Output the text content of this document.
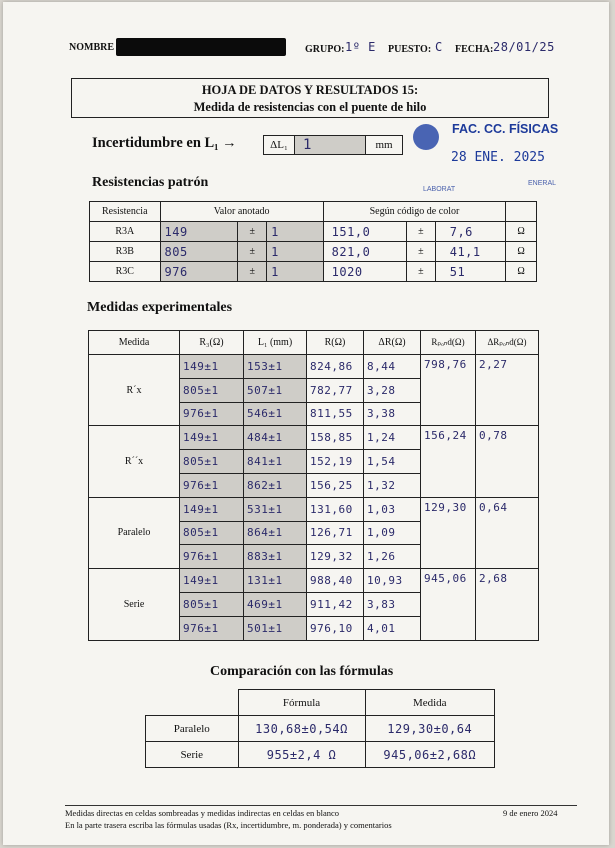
NOMBRE	GRUPO: 1º E PUESTO: C FECHA: 28/01/25
HOJA DE DATOS Y RESULTADOS 15:
Medida de resistencias con el puente de hilo
Incertidumbre en L₁ →	ΔL₁	1	mm
FAC. CC. FÍSICAS
28 ENE. 2025
LABORAT
ENERAL
Resistencias patrón
Resistencia	Valor anotado			Según código de color			
R3A	149	±	1	151,0	±	7,6	Ω
R3B	805	±	1	821,0	±	41,1	Ω
R3C	976	±	1	1020	±	51	Ω
Medidas experimentales
Medida	R₃(Ω)	L₁ (mm)	R(Ω)	ΔR(Ω)	Rₚₒₙd(Ω)	ΔRₚₒₙd(Ω)
R´x	149±1	153±1	824,86	8,44	798,76	2,27
	805±1	507±1	782,77	3,28		
	976±1	546±1	811,55	3,38		
R´´x	149±1	484±1	158,85	1,24	156,24	0,78
	805±1	841±1	152,19	1,54		
	976±1	862±1	156,25	1,32		
Paralelo	149±1	531±1	131,60	1,03	129,30	0,64
	805±1	864±1	126,71	1,09		
	976±1	883±1	129,32	1,26		
Serie	149±1	131±1	988,40	10,93	945,06	2,68
	805±1	469±1	911,42	3,83		
	976±1	501±1	976,10	4,01		
Comparación con las fórmulas
	Fórmula	Medida
Paralelo	130,68±0,54Ω	129,30±0,64
Serie	955±2,4 Ω	945,06±2,68Ω
Medidas directas en celdas sombreadas y medidas indirectas en celdas en blanco
En la parte trasera escriba las fórmulas usadas (Rx, incertidumbre, m. ponderada) y comentarios
9 de enero 2024
